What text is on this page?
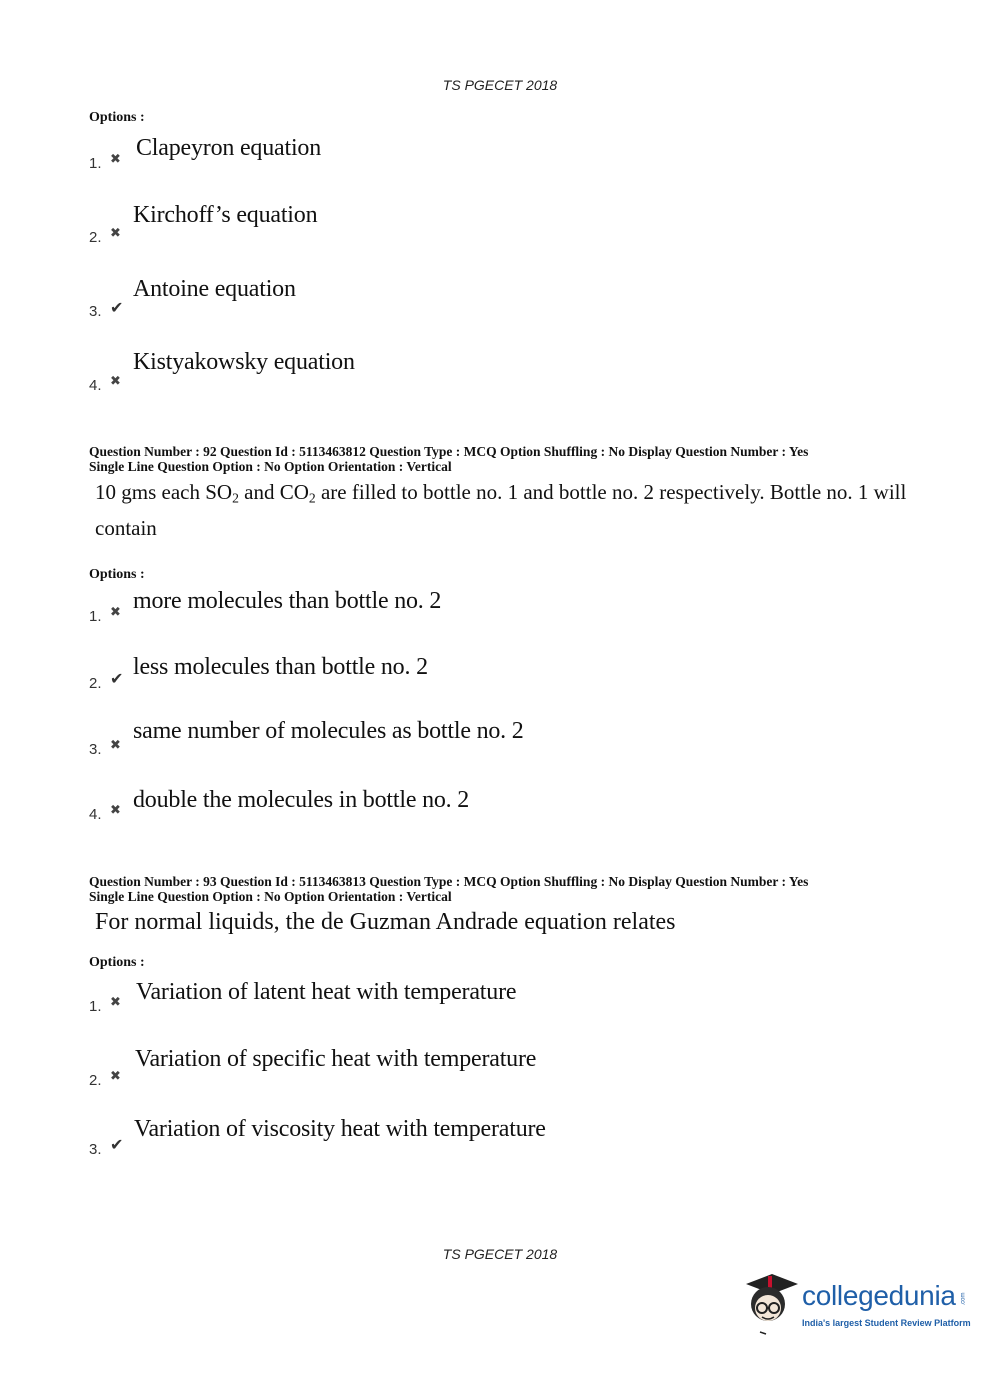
TS PGECET 2018
Options :
1. ✖ Clapeyron equation
2. ✖
Kirchoff’s equation
3. ✔
Antoine equation
4. ✖
Kistyakowsky equation
Question Number : 92 Question Id : 5113463812 Question Type : MCQ Option Shuffling : No Display Question Number : Yes
Single Line Question Option : No Option Orientation : Vertical
10 gms each $SO_2$ and $CO_2$ are filled to bottle no. 1 and bottle no. 2 respectively. Bottle no. 1 will
contain
Options :
1. ✖ more molecules than bottle no. 2
2. ✔ less molecules than bottle no. 2
3. ✖
same number of molecules as bottle no. 2
4. ✖ double the molecules in bottle no. 2
Question Number : 93 Question Id : 5113463813 Question Type : MCQ Option Shuffling : No Display Question Number : Yes
Single Line Question Option : No Option Orientation : Vertical
For normal liquids, the de Guzman Andrade equation relates
Options :
1. ✖ Variation of latent heat with temperature
2. ✖
Variation of specific heat with temperature
3. ✔
Variation of viscosity heat with temperature
TS PGECET 2018
collegedunia .com
India's largest Student Review Platform
